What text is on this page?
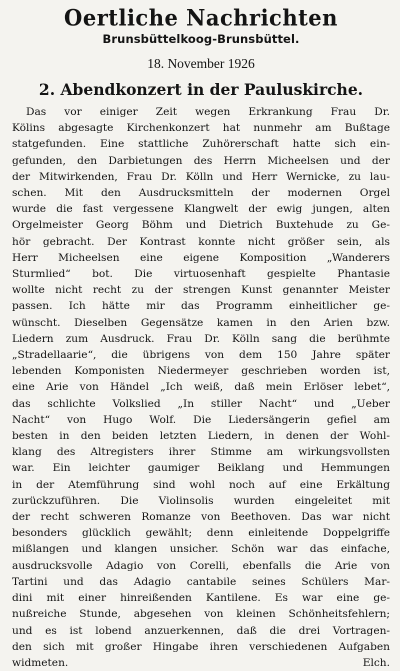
Oertliche Nachrichten
Brunsbüttelkoog-Brunsbüttel.
18. November 1926
2. Abendkonzert in der Pauluskirche.
Das vor einiger Zeit wegen Erkrankung Frau Dr.
Kölins abgesagte Kirchenkonzert hat nunmehr am Bußtage
statgefunden. Eine stattliche Zuhörerschaft hatte sich ein-
gefunden, den Darbietungen des Herrn Micheelsen und der
der Mitwirkenden, Frau Dr. Kölln und Herr Wernicke, zu lau-
schen. Mit den Ausdrucksmitteln der modernen Orgel
wurde die fast vergessene Klangwelt der ewig jungen, alten
Orgelmeister Georg Böhm und Dietrich Buxtehude zu Ge-
hör gebracht. Der Kontrast konnte nicht größer sein, als
Herr Micheelsen eine eigene Komposition „Wanderers
Sturmlied“ bot. Die virtuosenhaft gespielte Phantasie
wollte nicht recht zu der strengen Kunst genannter Meister
passen. Ich hätte mir das Programm einheitlicher ge-
wünscht. Dieselben Gegensätze kamen in den Arien bzw.
Liedern zum Ausdruck. Frau Dr. Kölln sang die berühmte
„Stradellaarie“, die übrigens von dem 150 Jahre später
lebenden Komponisten Niedermeyer geschrieben worden ist,
eine Arie von Händel „Ich weiß, daß mein Erlöser lebet“,
das schlichte Volkslied „In stiller Nacht“ und „Ueber
Nacht“ von Hugo Wolf. Die Liedersängerin gefiel am
besten in den beiden letzten Liedern, in denen der Wohl-
klang des Altregisters ihrer Stimme am wirkungsvollsten
war. Ein leichter gaumiger Beiklang und Hemmungen
in der Atemführung sind wohl noch auf eine Erkältung
zurückzuführen. Die Violinsolis wurden eingeleitet mit
der recht schweren Romanze von Beethoven. Das war nicht
besonders glücklich gewählt; denn einleitende Doppelgriffe
mißlangen und klangen unsicher. Schön war das einfache,
ausdrucksvolle Adagio von Corelli, ebenfalls die Arie von
Tartini und das Adagio cantabile seines Schülers Mar-
dini mit einer hinreißenden Kantilene. Es war eine ge-
nußreiche Stunde, abgesehen von kleinen Schönheitsfehlern;
und es ist lobend anzuerkennen, daß die drei Vortragen-
den sich mit großer Hingabe ihren verschiedenen Aufgaben
widmeten.	Elch.
